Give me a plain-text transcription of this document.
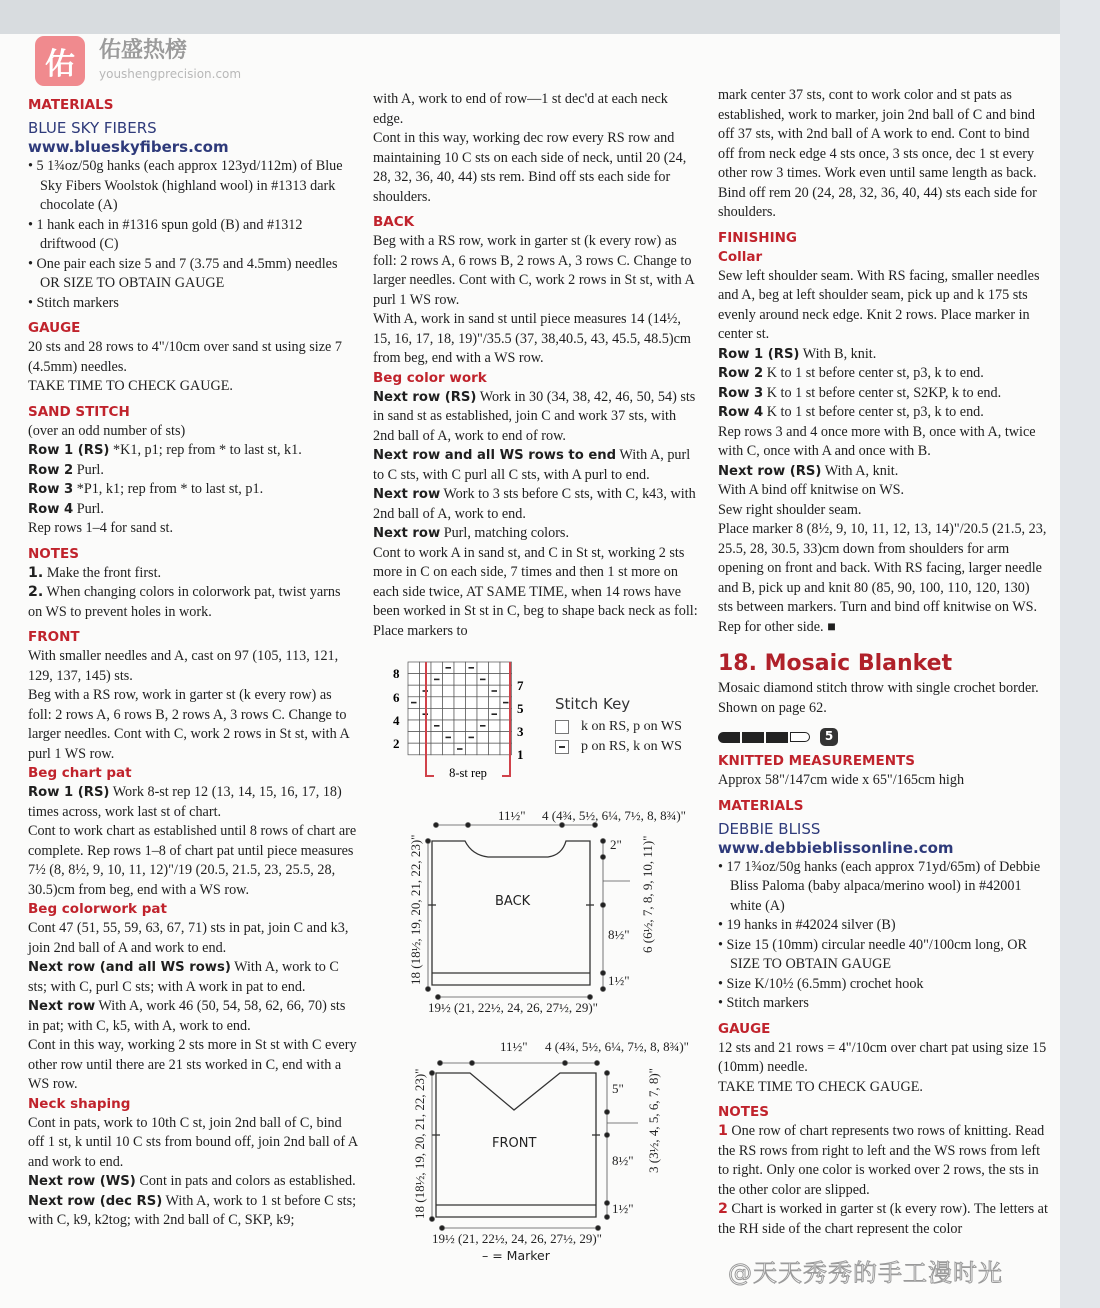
佑	佑盛热榜
youshengprecision.com
MATERIALS
BLUE SKY FIBERS
www.blueskyfibers.com

• 5 1¾oz/50g hanks (each approx 123yd/112m) of Blue Sky Fibers Woolstok (highland wool) in #1313 dark chocolate (A)

• 1 hank each in #1316 spun gold (B) and #1312 driftwood (C)

• One pair each size 5 and 7 (3.75 and 4.5mm) needles OR SIZE TO OBTAIN GAUGE

• Stitch markers

GAUGE

20 sts and 28 rows to 4"/10cm over sand st using size 7 (4.5mm) needles.

TAKE TIME TO CHECK GAUGE.

SAND STITCH

(over an odd number of sts)

Row 1 (RS) *K1, p1; rep from * to last st, k1.

Row 2 Purl.

Row 3 *P1, k1; rep from * to last st, p1.

Row 4 Purl.

Rep rows 1–4 for sand st.

NOTES

1. Make the front first.

2. When changing colors in colorwork pat, twist yarns on WS to prevent holes in work.

FRONT

With smaller needles and A, cast on 97 (105, 113, 121, 129, 137, 145) sts.

Beg with a RS row, work in garter st (k every row) as foll: 2 rows A, 6 rows B, 2 rows A, 3 rows C. Change to larger needles. Cont with C, work 2 rows in St st, with A purl 1 WS row.

Beg chart pat

Row 1 (RS) Work 8-st rep 12 (13, 14, 15, 16, 17, 18) times across, work last st of chart.

Cont to work chart as established until 8 rows of chart are complete. Rep rows 1–8 of chart pat until piece measures 7½ (8, 8½, 9, 10, 11, 12)"/19 (20.5, 21.5, 23, 25.5, 28, 30.5)cm from beg, end with a WS row.

Beg colorwork pat

Cont 47 (51, 55, 59, 63, 67, 71) sts in pat, join C and k3, join 2nd ball of A and work to end.

Next row (and all WS rows) With A, work to C sts; with C, purl C sts; with A work in pat to end.

Next row With A, work 46 (50, 54, 58, 62, 66, 70) sts in pat; with C, k5, with A, work to end.

Cont in this way, working 2 sts more in St st with C every other row until there are 21 sts worked in C, end with a WS row.

Neck shaping

Cont in pats, work to 10th C st, join 2nd ball of C, bind off 1 st, k until 10 C sts from bound off, join 2nd ball of A and work to end.

Next row (WS) Cont in pats and colors as established.

Next row (dec RS) With A, work to 1 st before C sts; with C, k9, k2tog; with 2nd ball of C, SKP, k9;

with A, work to end of row—1 st dec'd at each neck edge.

Cont in this way, working dec row every RS row and maintaining 10 C sts on each side of neck, until 20 (24, 28, 32, 36, 40, 44) sts rem. Bind off sts each side for shoulders.

BACK

Beg with a RS row, work in garter st (k every row) as foll: 2 rows A, 6 rows B, 2 rows A, 3 rows C. Change to larger needles. Cont with C, work 2 rows in St st, with A purl 1 WS row.

With A, work in sand st until piece measures 14 (14½, 15, 16, 17, 18, 19)"/35.5 (37, 38,40.5, 43, 45.5, 48.5)cm from beg, end with a WS row.

Beg color work

Next row (RS) Work in 30 (34, 38, 42, 46, 50, 54) sts in sand st as established, join C and work 37 sts, with 2nd ball of A, work to end of row.

Next row and all WS rows to end With A, purl to C sts, with C purl all C sts, with A purl to end.

Next row Work to 3 sts before C sts, with C, k43, with 2nd ball of A, work to end.

Next row Purl, matching colors.

Cont to work A in sand st, and C in St st, working 2 sts more in C on each side, 7 times and then 1 st more on each side twice, AT SAME TIME, when 14 rows have been worked in St st in C, beg to shape back neck as foll: Place markers to

8
6
4
2
7
5
3
1
8-st rep
Stitch Key
k on RS, p on WS
p on RS, k on WS
11½" 4 (4¾, 5½, 6¼, 7½, 8, 8¾)"
2"
8½"
1½"
19½ (21, 22½, 24, 26, 27½, 29)"
18 (18½, 19, 20, 21, 22, 23)"	6 (6½, 7, 8, 9, 10, 11)"
BACK
11½" 4 (4¾, 5½, 6¼, 7½, 8, 8¾)"
5"
8½"
1½"
19½ (21, 22½, 24, 26, 27½, 29)"
18 (18½, 19, 20, 21, 22, 23)"	3 (3½, 4, 5, 6, 7, 8)"
FRONT
– = Marker

mark center 37 sts, cont to work color and st pats as established, work to marker, join 2nd ball of C and bind off 37 sts, with 2nd ball of A work to end. Cont to bind off from neck edge 4 sts once, 3 sts once, dec 1 st every other row 3 times. Work even until same length as back. Bind off rem 20 (24, 28, 32, 36, 40, 44) sts each side for shoulders.

FINISHING
Collar

Sew left shoulder seam. With RS facing, smaller needles and A, beg at left shoulder seam, pick up and k 175 sts evenly around neck edge. Knit 2 rows. Place marker in center st.

Row 1 (RS) With B, knit.

Row 2 K to 1 st before center st, p3, k to end.

Row 3 K to 1 st before center st, S2KP, k to end.

Row 4 K to 1 st before center st, p3, k to end.

Rep rows 3 and 4 once more with B, once with A, twice with C, once with A and once with B.

Next row (RS) With A, knit.

With A bind off knitwise on WS.

Sew right shoulder seam.

Place marker 8 (8½, 9, 10, 11, 12, 13, 14)"/20.5 (21.5, 23, 25.5, 28, 30.5, 33)cm down from shoulders for arm opening on front and back. With RS facing, larger needle and B, pick up and knit 80 (85, 90, 100, 110, 120, 130) sts between markers. Turn and bind off knitwise on WS. Rep for other side. ■

18. Mosaic Blanket

Mosaic diamond stitch throw with single crochet border. Shown on page 62.

5
KNITTED MEASUREMENTS

Approx 58"/147cm wide x 65"/165cm high

MATERIALS
DEBBIE BLISS
www.debbieblissonline.com

• 17 1¾oz/50g hanks (each approx 71yd/65m) of Debbie Bliss Paloma (baby alpaca/merino wool) in #42001 white (A)

• 19 hanks in #42024 silver (B)

• Size 15 (10mm) circular needle 40"/100cm long, OR SIZE TO OBTAIN GAUGE

• Size K/10½ (6.5mm) crochet hook

• Stitch markers

GAUGE

12 sts and 21 rows = 4"/10cm over chart pat using size 15 (10mm) needle.

TAKE TIME TO CHECK GAUGE.

NOTES

1 One row of chart represents two rows of knitting. Read the RS rows from right to left and the WS rows from left to right. Only one color is worked over 2 rows, the sts in the other color are slipped.

2 Chart is worked in garter st (k every row). The letters at the RH side of the chart represent the color

@天天秀秀的手工漫时光
